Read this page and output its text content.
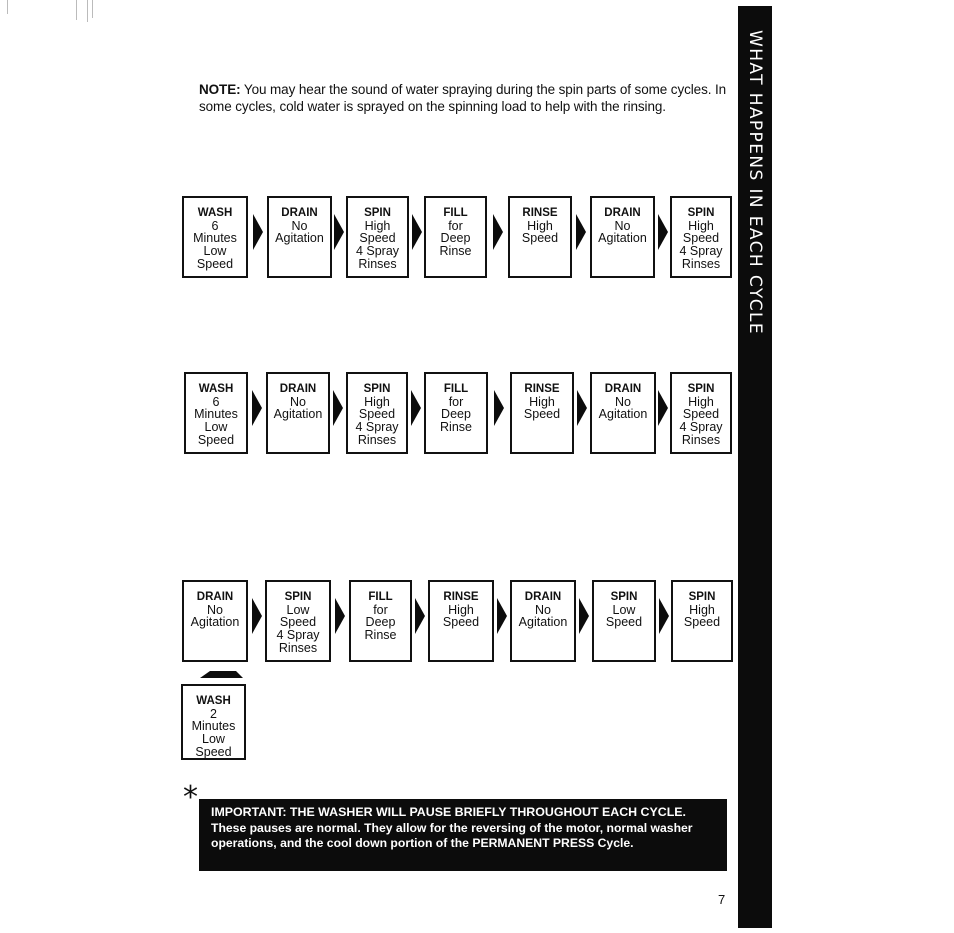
WHAT HAPPENS IN EACH CYCLE
NOTE: You may hear the sound of water spraying during the spin parts of some cycles. In some cycles, cold water is sprayed on the spinning load to help with the rinsing.
WASH
6
Minutes
Low
Speed
DRAIN
No
Agitation
SPIN
High
Speed
4 Spray
Rinses
FILL
for
Deep
Rinse
RINSE
High
Speed
DRAIN
No
Agitation
SPIN
High
Speed
4 Spray
Rinses
WASH
6
Minutes
Low
Speed
DRAIN
No
Agitation
SPIN
High
Speed
4 Spray
Rinses
FILL
for
Deep
Rinse
RINSE
High
Speed
DRAIN
No
Agitation
SPIN
High
Speed
4 Spray
Rinses
DRAIN
No
Agitation
SPIN
Low
Speed
4 Spray
Rinses
FILL
for
Deep
Rinse
RINSE
High
Speed
DRAIN
No
Agitation
SPIN
Low
Speed
SPIN
High
Speed
WASH
2
Minutes
Low
Speed
* IMPORTANT: THE WASHER WILL PAUSE BRIEFLY THROUGHOUT EACH CYCLE.
These pauses are normal. They allow for the reversing of the motor, normal washer operations, and the cool down portion of the PERMANENT PRESS Cycle.
7
